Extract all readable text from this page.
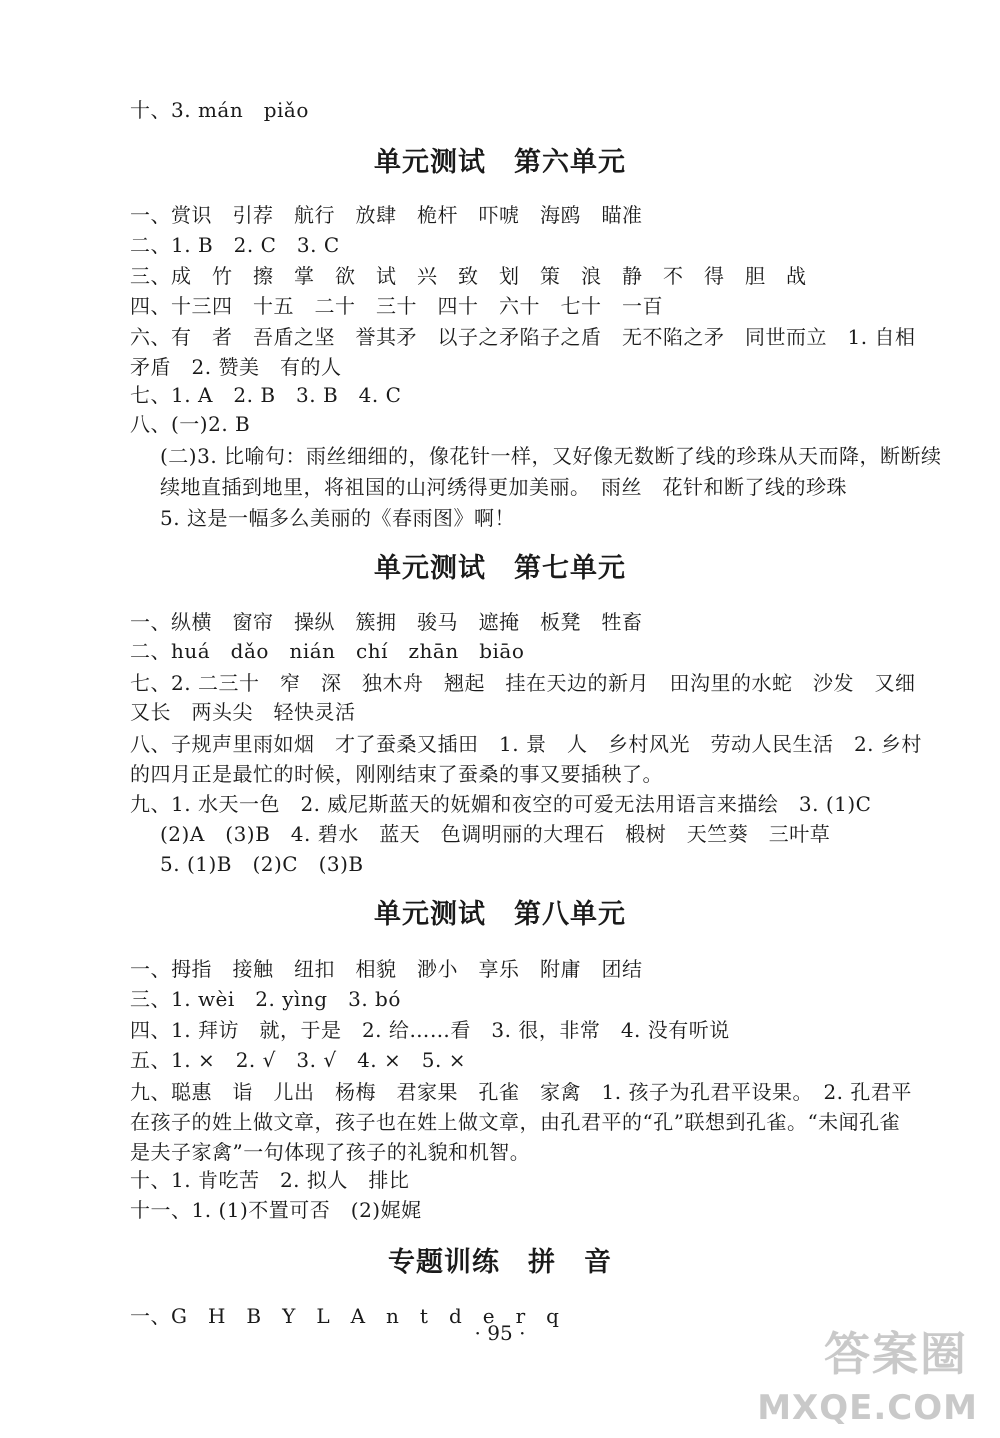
十、3. mán　piǎo
单元测试　第六单元
一、赏识　引荐　航行　放肆　桅杆　吓唬　海鸥　瞄准
二、1. B　2. C　3. C
三、成　竹　擦　掌　欲　试　兴　致　划　策　浪　静　不　得　胆　战
四、十三四　十五　二十　三十　四十　六十　七十　一百
六、有　者　吾盾之坚　誉其矛　以子之矛陷子之盾　无不陷之矛　同世而立　1. 自相
矛盾　2. 赞美　有的人
七、1. A　2. B　3. B　4. C
八、(一)2. B
(二)3. 比喻句：雨丝细细的，像花针一样，又好像无数断了线的珍珠从天而降，断断续
续地直插到地里，将祖国的山河绣得更加美丽。　雨丝　花针和断了线的珍珠
5. 这是一幅多么美丽的《春雨图》啊！
单元测试　第七单元
一、纵横　窗帘　操纵　簇拥　骏马　遮掩　板凳　牲畜
二、huá　dǎo　nián　chí　zhān　biāo
七、2. 二三十　窄　深　独木舟　翘起　挂在天边的新月　田沟里的水蛇　沙发　又细
又长　两头尖　轻快灵活
八、子规声里雨如烟　才了蚕桑又插田　1. 景　人　乡村风光　劳动人民生活　2. 乡村
的四月正是最忙的时候，刚刚结束了蚕桑的事又要插秧了。
九、1. 水天一色　2. 威尼斯蓝天的妩媚和夜空的可爱无法用语言来描绘　3. (1)C
(2)A　(3)B　4. 碧水　蓝天　色调明丽的大理石　椴树　天竺葵　三叶草
5. (1)B　(2)C　(3)B
单元测试　第八单元
一、拇指　接触　纽扣　相貌　渺小　享乐　附庸　团结
三、1. wèi　2. yìng　3. bó
四、1. 拜访　就，于是　2. 给……看　3. 很，非常　4. 没有听说
五、1. ×　2. √　3. √　4. ×　5. ×
九、聪惠　诣　儿出　杨梅　君家果　孔雀　家禽　1. 孩子为孔君平设果。　2. 孔君平
在孩子的姓上做文章，孩子也在姓上做文章，由孔君平的“孔”联想到孔雀。“未闻孔雀
是夫子家禽”一句体现了孩子的礼貌和机智。
十、1. 肯吃苦　2. 拟人　排比
十一、1. (1)不置可否　(2)娓娓
专题训练　拼　音
一、G　H　B　Y　L　A　n　t　d　e　r　q
· 95 ·	答案圈
MXQE.COM
